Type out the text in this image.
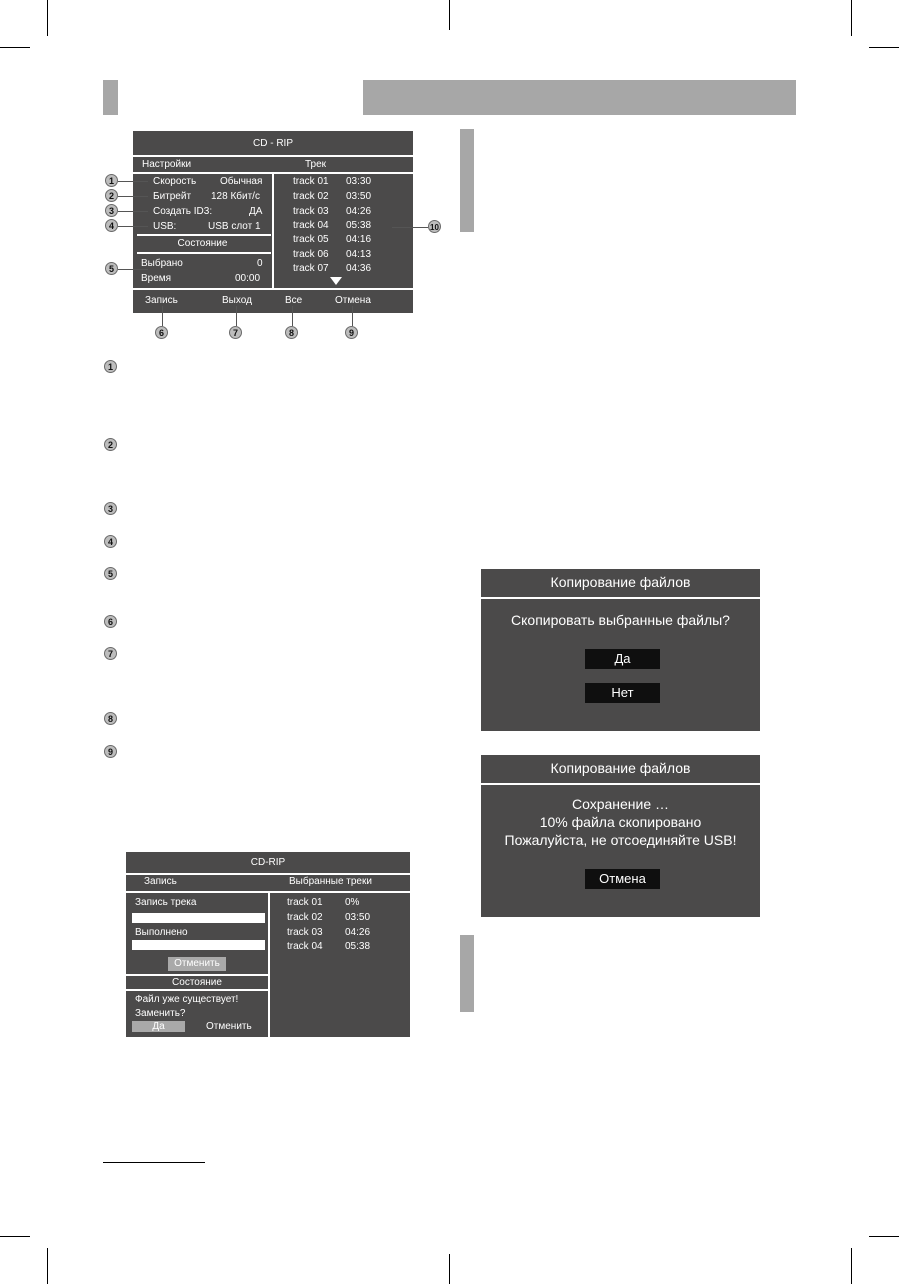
CD - RIP
Настройки	Трек
Скорость Обычная
Битрейт 128 Кбит/с
Создать ID3:	ДА
USB:	USB слот 1
Состояние
Выбрано	0
Время	00:00
track 01 03:30
track 02 03:50
track 03 04:26
track 04 05:38
track 05 04:16
track 06 04:13
track 07 04:36
Запись	Выход	Все	Отмена
1
2
3
4
5
6	7	8	9
10
1
2
3
4
5
6
7
8
9
Копирование файлов
Скопировать выбранные файлы?
Да
Нет
Копирование файлов
Сохранение …
10% файла скопировано
Пожалуйста, не отсоединяйте USB!
Отмена
CD-RIP
Запись	Выбранные треки
Запись трека
Выполнено
Отменить
Состояние
Файл уже существует!
Заменить?
Да	Отменить
track 01 0%
track 02 03:50
track 03 04:26
track 04 05:38
